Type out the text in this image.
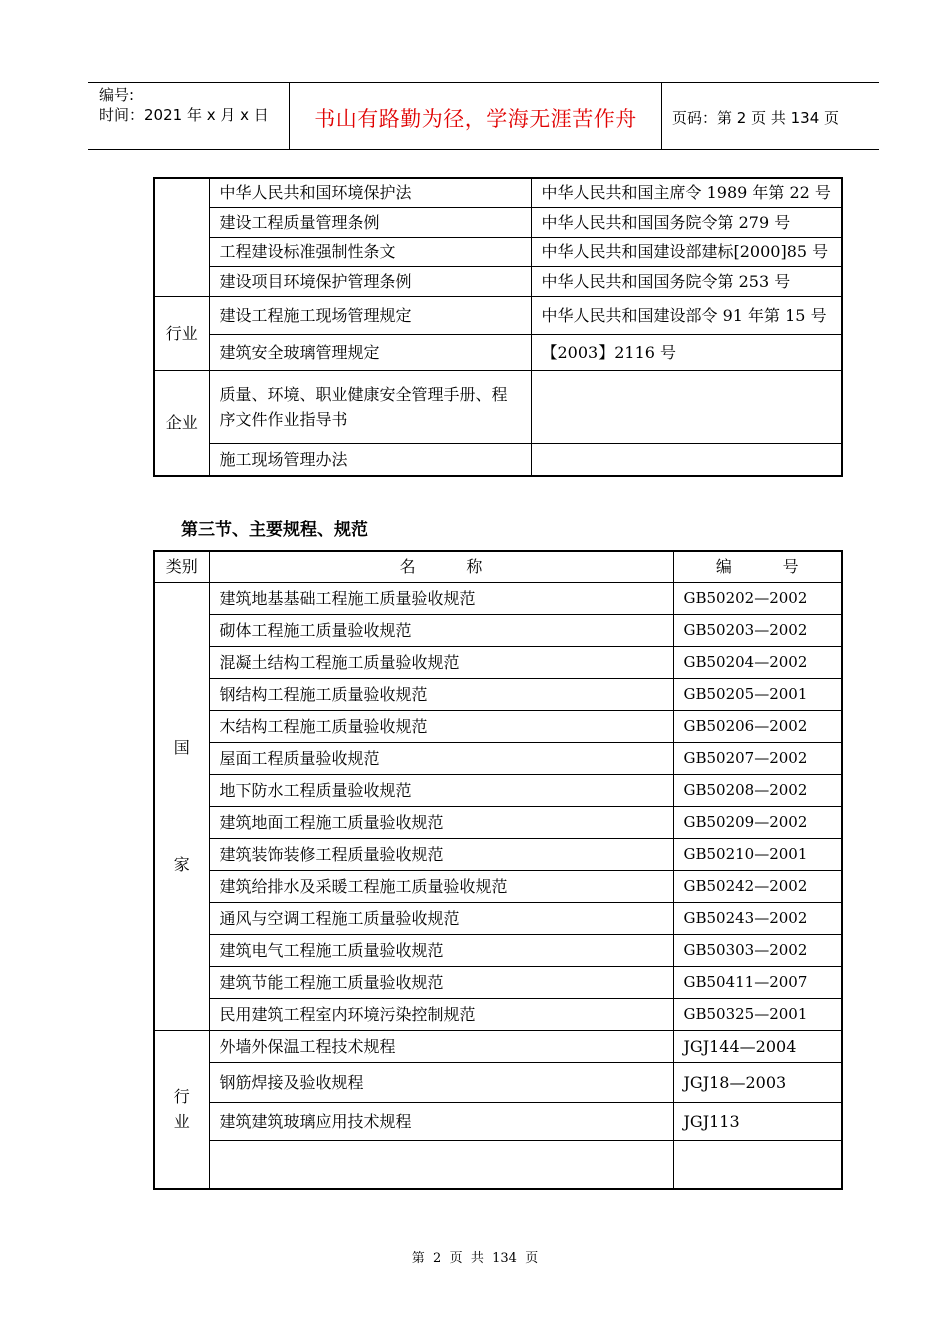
编号:
时间：2021 年 x 月 x 日	书山有路勤为径，学海无涯苦作舟	页码：第 2 页 共 134 页
	中华人民共和国环境保护法	中华人民共和国主席令 1989 年第 22 号
	建设工程质量管理条例	中华人民共和国国务院令第 279 号
	工程建设标准强制性条文	中华人民共和国建设部建标[2000]85 号
	建设项目环境保护管理条例	中华人民共和国国务院令第 253 号
行业	建设工程施工现场管理规定	中华人民共和国建设部令 91 年第 15 号
	建筑安全玻璃管理规定	【2003】2116 号
企业	质量、环境、职业健康安全管理手册、程序文件作业指导书	
	施工现场管理办法	
第三节、主要规程、规范
类别	名          称	编          号

国
家	建筑地基基础工程施工质量验收规范	GB50202—2002
	砌体工程施工质量验收规范	GB50203—2002
	混凝土结构工程施工质量验收规范	GB50204—2002
	钢结构工程施工质量验收规范	GB50205—2001
	木结构工程施工质量验收规范	GB50206—2002
	屋面工程质量验收规范	GB50207—2002
	地下防水工程质量验收规范	GB50208—2002
	建筑地面工程施工质量验收规范	GB50209—2002
	建筑装饰装修工程质量验收规范	GB50210—2001
	建筑给排水及采暖工程施工质量验收规范	GB50242—2002
	通风与空调工程施工质量验收规范	GB50243—2002
	建筑电气工程施工质量验收规范	GB50303—2002
	建筑节能工程施工质量验收规范	GB50411—2007
	民用建筑工程室内环境污染控制规范	GB50325—2001

行
业	外墙外保温工程技术规程	JGJ144—2004
	钢筋焊接及验收规程	JGJ18—2003
	建筑建筑玻璃应用技术规程	JGJ113

第  2  页  共  134  页
